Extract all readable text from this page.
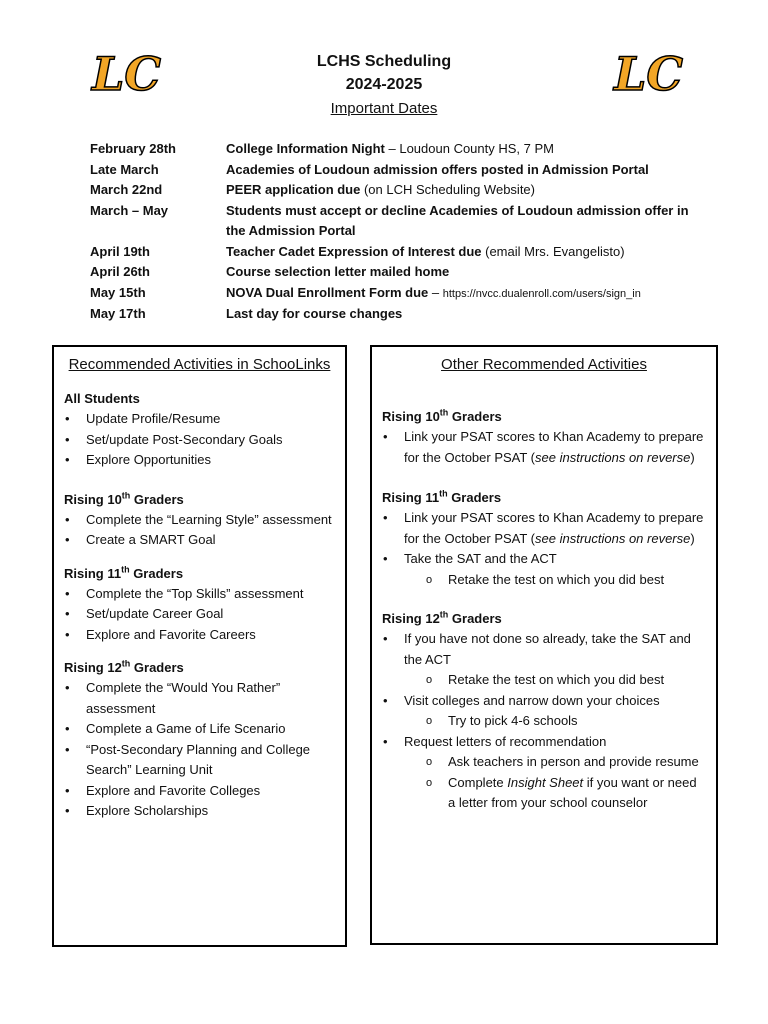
LC	LC
LCHS Scheduling
2024-2025
Important Dates
February 28th	College Information Night – Loudoun County HS, 7 PM
Late March	Academies of Loudoun admission offers posted in Admission Portal
March 22nd	PEER application due (on LCH Scheduling Website)
March – May	Students must accept or decline Academies of Loudoun admission offer in the Admission Portal
April 19th	Teacher Cadet Expression of Interest due (email Mrs. Evangelisto)
April 26th	Course selection letter mailed home
May 15th	NOVA Dual Enrollment Form due – https://nvcc.dualenroll.com/users/sign_in
May 17th	Last day for course changes
Recommended Activities in SchooLinks
All Students
• Update Profile/Resume
• Set/update Post-Secondary Goals
• Explore Opportunities
Rising 10th Graders
• Complete the “Learning Style” assessment
• Create a SMART Goal
Rising 11th Graders
• Complete the “Top Skills” assessment
• Set/update Career Goal
• Explore and Favorite Careers
Rising 12th Graders
• Complete the “Would You Rather” assessment
• Complete a Game of Life Scenario
• “Post-Secondary Planning and College Search” Learning Unit
• Explore and Favorite Colleges
• Explore Scholarships
Other Recommended Activities
Rising 10th Graders
• Link your PSAT scores to Khan Academy to prepare for the October PSAT (see instructions on reverse)
Rising 11th Graders
• Link your PSAT scores to Khan Academy to prepare for the October PSAT (see instructions on reverse)
• Take the SAT and the ACT
o Retake the test on which you did best
Rising 12th Graders
• If you have not done so already, take the SAT and the ACT
o Retake the test on which you did best
• Visit colleges and narrow down your choices
o Try to pick 4-6 schools
• Request letters of recommendation
o Ask teachers in person and provide resume
o Complete Insight Sheet if you want or need a letter from your school counselor
